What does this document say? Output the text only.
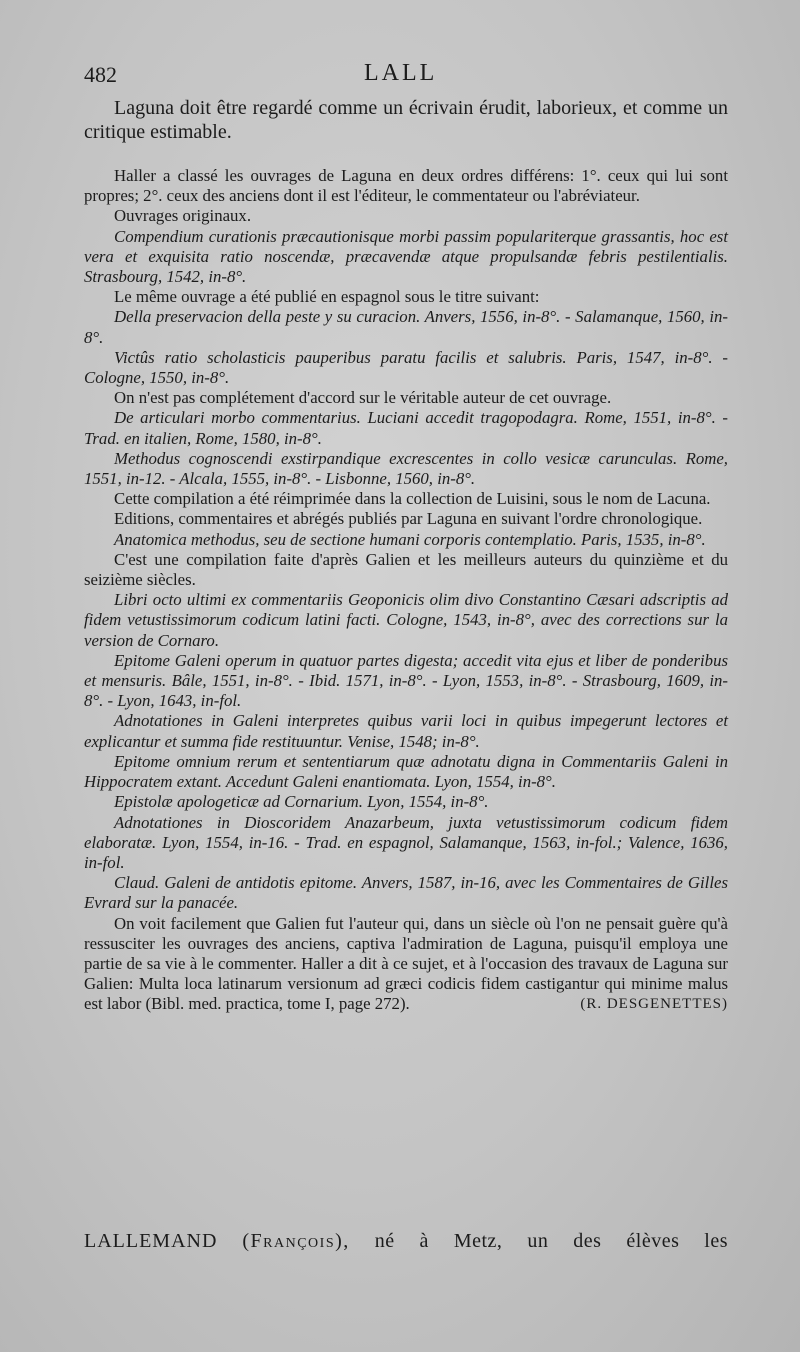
482	LALL

Laguna doit être regardé comme un écrivain érudit, laborieux, et comme un critique estimable.

Haller a classé les ouvrages de Laguna en deux ordres différens: 1°. ceux qui lui sont propres; 2°. ceux des anciens dont il est l'éditeur, le commentateur ou l'abréviateur.

Ouvrages originaux.

Compendium curationis præcautionisque morbi passim populariterque grassantis, hoc est vera et exquisita ratio noscendæ, præcavendæ atque propulsandæ febris pestilentialis. Strasbourg, 1542, in-8°.

Le même ouvrage a été publié en espagnol sous le titre suivant:

Della preservacion della peste y su curacion. Anvers, 1556, in-8°. - Salamanque, 1560, in-8°.

Victûs ratio scholasticis pauperibus paratu facilis et salubris. Paris, 1547, in-8°. - Cologne, 1550, in-8°.

On n'est pas complétement d'accord sur le véritable auteur de cet ouvrage.

De articulari morbo commentarius. Luciani accedit tragopodagra. Rome, 1551, in-8°. - Trad. en italien, Rome, 1580, in-8°.

Methodus cognoscendi exstirpandique excrescentes in collo vesicæ carunculas. Rome, 1551, in-12. - Alcala, 1555, in-8°. - Lisbonne, 1560, in-8°.

Cette compilation a été réimprimée dans la collection de Luisini, sous le nom de Lacuna.

Editions, commentaires et abrégés publiés par Laguna en suivant l'ordre chronologique.

Anatomica methodus, seu de sectione humani corporis contemplatio. Paris, 1535, in-8°.

C'est une compilation faite d'après Galien et les meilleurs auteurs du quinzième et du seizième siècles.

Libri octo ultimi ex commentariis Geoponicis olim divo Constantino Cæsari adscriptis ad fidem vetustissimorum codicum latini facti. Cologne, 1543, in-8°, avec des corrections sur la version de Cornaro.

Epitome Galeni operum in quatuor partes digesta; accedit vita ejus et liber de ponderibus et mensuris. Bâle, 1551, in-8°. - Ibid. 1571, in-8°. - Lyon, 1553, in-8°. - Strasbourg, 1609, in-8°. - Lyon, 1643, in-fol.

Adnotationes in Galeni interpretes quibus varii loci in quibus impegerunt lectores et explicantur et summa fide restituuntur. Venise, 1548; in-8°.

Epitome omnium rerum et sententiarum quæ adnotatu digna in Commentariis Galeni in Hippocratem extant. Accedunt Galeni enantiomata. Lyon, 1554, in-8°.

Epistolæ apologeticæ ad Cornarium. Lyon, 1554, in-8°.

Adnotationes in Dioscoridem Anazarbeum, juxta vetustissimorum codicum fidem elaboratæ. Lyon, 1554, in-16. - Trad. en espagnol, Salamanque, 1563, in-fol.; Valence, 1636, in-fol.

Claud. Galeni de antidotis epitome. Anvers, 1587, in-16, avec les Commentaires de Gilles Evrard sur la panacée.

On voit facilement que Galien fut l'auteur qui, dans un siècle où l'on ne pensait guère qu'à ressusciter les ouvrages des anciens, captiva l'admiration de Laguna, puisqu'il employa une partie de sa vie à le commenter. Haller a dit à ce sujet, et à l'occasion des travaux de Laguna sur Galien: Multa loca latinarum versionum ad græci codicis fidem castigantur qui minime malus est labor (Bibl. med. practica, tome I, page 272).	(R. DESGENETTES)

LALLEMAND (François), né à Metz, un des élèves les
